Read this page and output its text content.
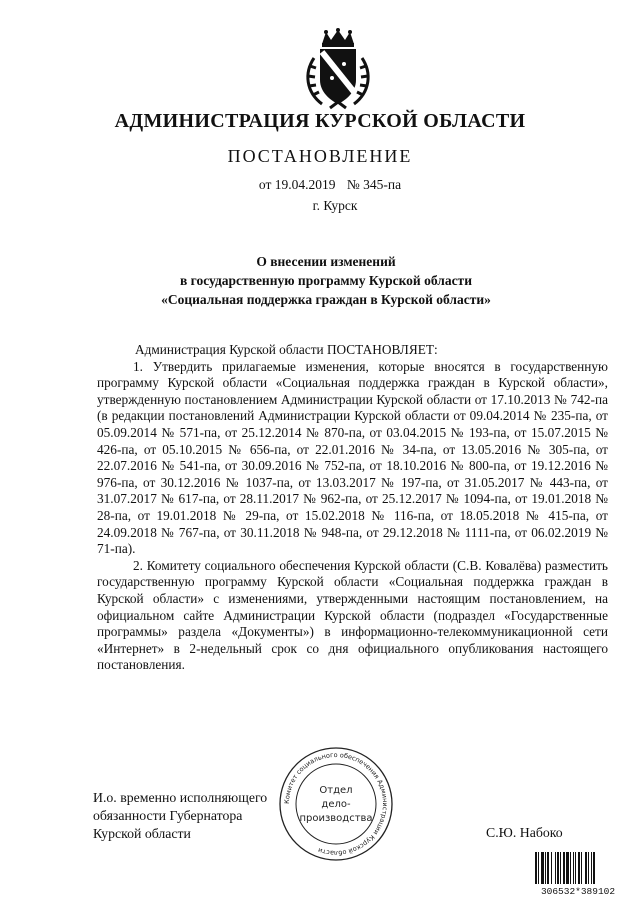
АДМИНИСТРАЦИЯ КУРСКОЙ ОБЛАСТИ
ПОСТАНОВЛЕНИЕ
от 19.04.2019 № 345-па
г. Курск
О внесении изменений
в государственную программу Курской области
«Социальная поддержка граждан в Курской области»

Администрация Курской области ПОСТАНОВЛЯЕТ:

1. Утвердить прилагаемые изменения, которые вносятся в государственную программу Курской области «Социальная поддержка граждан в Курской области», утвержденную постановлением Администрации Курской области от 17.10.2013 № 742-па (в редакции постановлений Администрации Курской области от 09.04.2014 № 235-па, от 05.09.2014 № 571-па, от 25.12.2014 № 870-па, от 03.04.2015 № 193-па, от 15.07.2015 № 426-па, от 05.10.2015 № 656-па, от 22.01.2016 № 34-па, от 13.05.2016 № 305-па, от 22.07.2016 № 541-па, от 30.09.2016 № 752-па, от 18.10.2016 № 800-па, от 19.12.2016 № 976-па, от 30.12.2016 № 1037-па, от 13.03.2017 № 197-па, от 31.05.2017 № 443-па, от 31.07.2017 № 617-па, от 28.11.2017 № 962-па, от 25.12.2017 № 1094-па, от 19.01.2018 № 28-па, от 19.01.2018 № 29-па, от 15.02.2018 № 116-па, от 18.05.2018 № 415-па, от 24.09.2018 № 767-па, от 30.11.2018 № 948-па, от 29.12.2018 № 1111-па, от 06.02.2019 № 71-па).

2. Комитету социального обеспечения Курской области (С.В. Ковалёва) разместить государственную программу Курской области «Социальная поддержка граждан в Курской области» с изменениями, утвержденными настоящим постановлением, на официальном сайте Администрации Курской области (подраздел «Государственные программы» раздела «Документы») в информационно-телекоммуникационной сети «Интернет» в 2-недельный срок со дня официального опубликования настоящего постановления.

И.о. временно исполняющего
обязанности Губернатора
Курской области	С.Ю. Набоко
Комитет социального обеспечения Администрации Курской области
Отдел
дело-
производства
306532*389102
